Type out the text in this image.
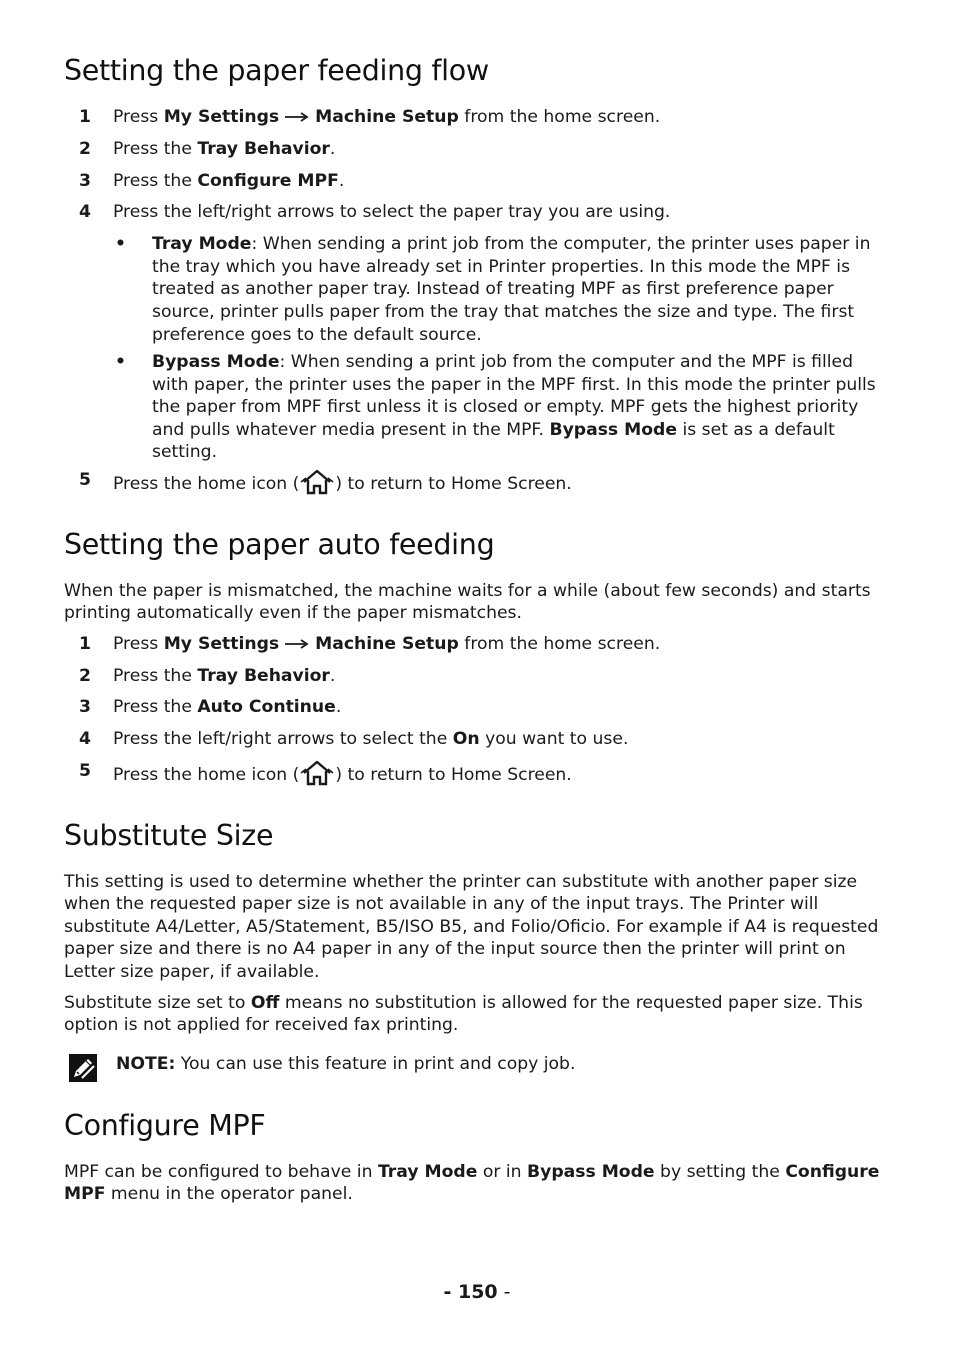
Setting the paper feeding flow
1 Press My Settings Machine Setup from the home screen.
2 Press the Tray Behavior.
3 Press the Configure MPF.
4 Press the left/right arrows to select the paper tray you are using.
• Tray Mode: When sending a print job from the computer, the printer uses paper in the tray which you have already set in Printer properties. In this mode the MPF is treated as another paper tray. Instead of treating MPF as first preference paper source, printer pulls paper from the tray that matches the size and type. The first preference goes to the default source.
• Bypass Mode: When sending a print job from the computer and the MPF is filled with paper, the printer uses the paper in the MPF first. In this mode the printer pulls the paper from MPF first unless it is closed or empty. MPF gets the highest priority and pulls whatever media present in the MPF. Bypass Mode is set as a default setting.
5 Press the home icon ( ) to return to Home Screen.
Setting the paper auto feeding

When the paper is mismatched, the machine waits for a while (about few seconds) and starts printing automatically even if the paper mismatches.

1 Press My Settings Machine Setup from the home screen.
2 Press the Tray Behavior.
3 Press the Auto Continue.
4 Press the left/right arrows to select the On you want to use.
5 Press the home icon ( ) to return to Home Screen.
Substitute Size

This setting is used to determine whether the printer can substitute with another paper size when the requested paper size is not available in any of the input trays. The Printer will substitute A4/Letter, A5/Statement, B5/ISO B5, and Folio/Oficio. For example if A4 is requested paper size and there is no A4 paper in any of the input source then the printer will print on Letter size paper, if available.

Substitute size set to Off means no substitution is allowed for the requested paper size. This option is not applied for received fax printing.

NOTE: You can use this feature in print and copy job.
Configure MPF

MPF can be configured to behave in Tray Mode or in Bypass Mode by setting the Configure MPF menu in the operator panel.

- 150 -
